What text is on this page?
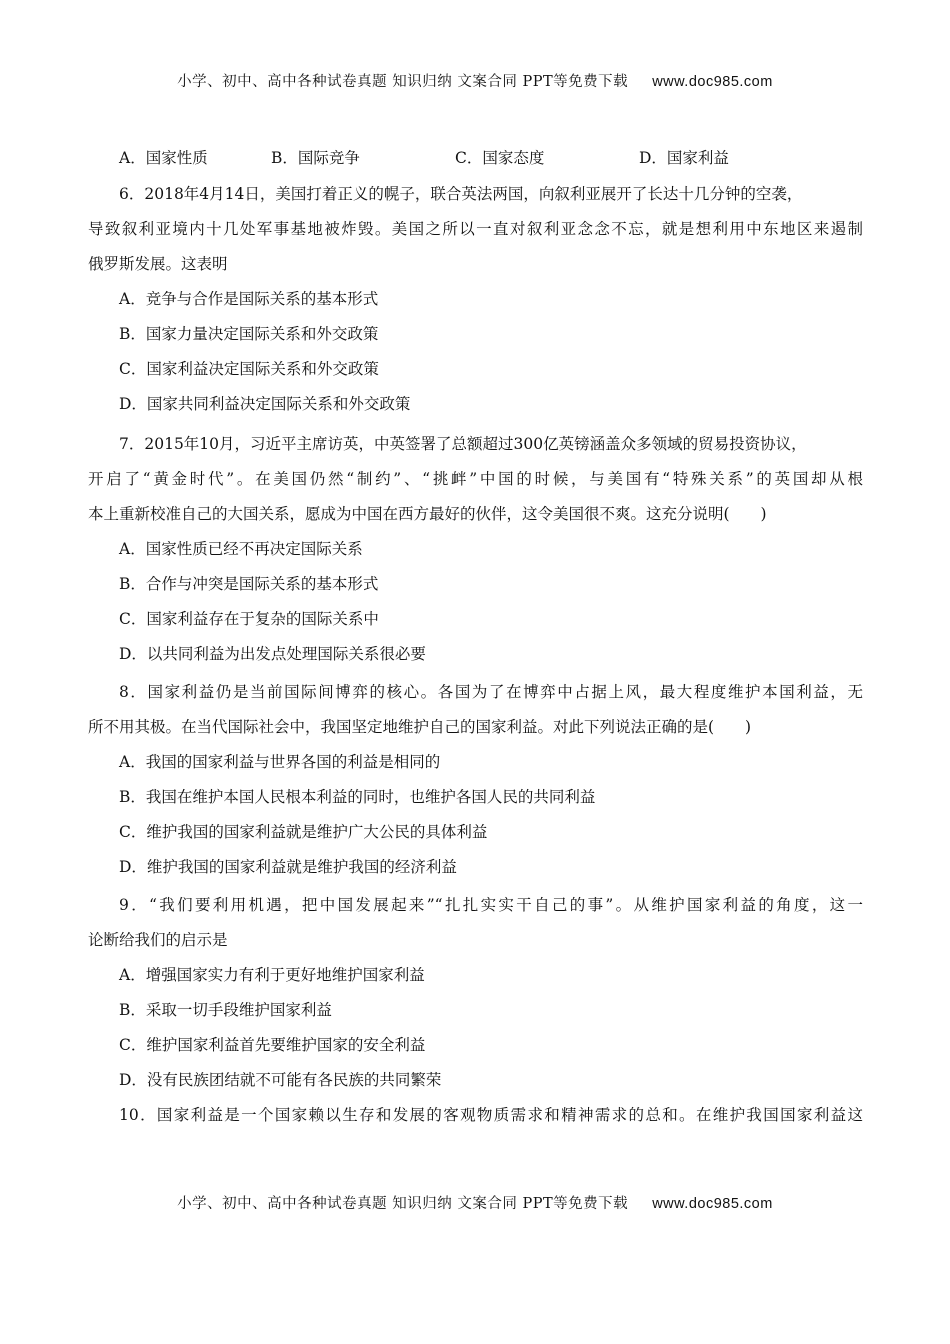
小学、初中、高中各种试卷真题 知识归纳 文案合同 PPT等免费下载 www.doc985.com
A．国家性质	B．国际竞争	C．国家态度	D．国家利益
6．2018年4月14日，美国打着正义的幌子，联合英法两国，向叙利亚展开了长达十几分钟的空袭，
导致叙利亚境内十几处军事基地被炸毁。美国之所以一直对叙利亚念念不忘，就是想利用中东地区来遏制
俄罗斯发展。这表明
A．竞争与合作是国际关系的基本形式
B．国家力量决定国际关系和外交政策
C．国家利益决定国际关系和外交政策
D．国家共同利益决定国际关系和外交政策
7．2015年10月，习近平主席访英，中英签署了总额超过300亿英镑涵盖众多领域的贸易投资协议，
开启了“黄金时代”。在美国仍然“制约”、“挑衅”中国的时候，与美国有“特殊关系”的英国却从根
本上重新校准自己的大国关系，愿成为中国在西方最好的伙伴，这令美国很不爽。这充分说明(　　)
A．国家性质已经不再决定国际关系
B．合作与冲突是国际关系的基本形式
C．国家利益存在于复杂的国际关系中
D．以共同利益为出发点处理国际关系很必要
8．国家利益仍是当前国际间博弈的核心。各国为了在博弈中占据上风，最大程度维护本国利益，无
所不用其极。在当代国际社会中，我国坚定地维护自己的国家利益。对此下列说法正确的是(　　)
A．我国的国家利益与世界各国的利益是相同的
B．我国在维护本国人民根本利益的同时，也维护各国人民的共同利益
C．维护我国的国家利益就是维护广大公民的具体利益
D．维护我国的国家利益就是维护我国的经济利益
9．“我们要利用机遇，把中国发展起来”“扎扎实实干自己的事”。从维护国家利益的角度，这一
论断给我们的启示是
A．增强国家实力有利于更好地维护国家利益
B．采取一切手段维护国家利益
C．维护国家利益首先要维护国家的安全利益
D．没有民族团结就不可能有各民族的共同繁荣
10．国家利益是一个国家赖以生存和发展的客观物质需求和精神需求的总和。在维护我国国家利益这
小学、初中、高中各种试卷真题 知识归纳 文案合同 PPT等免费下载 www.doc985.com
